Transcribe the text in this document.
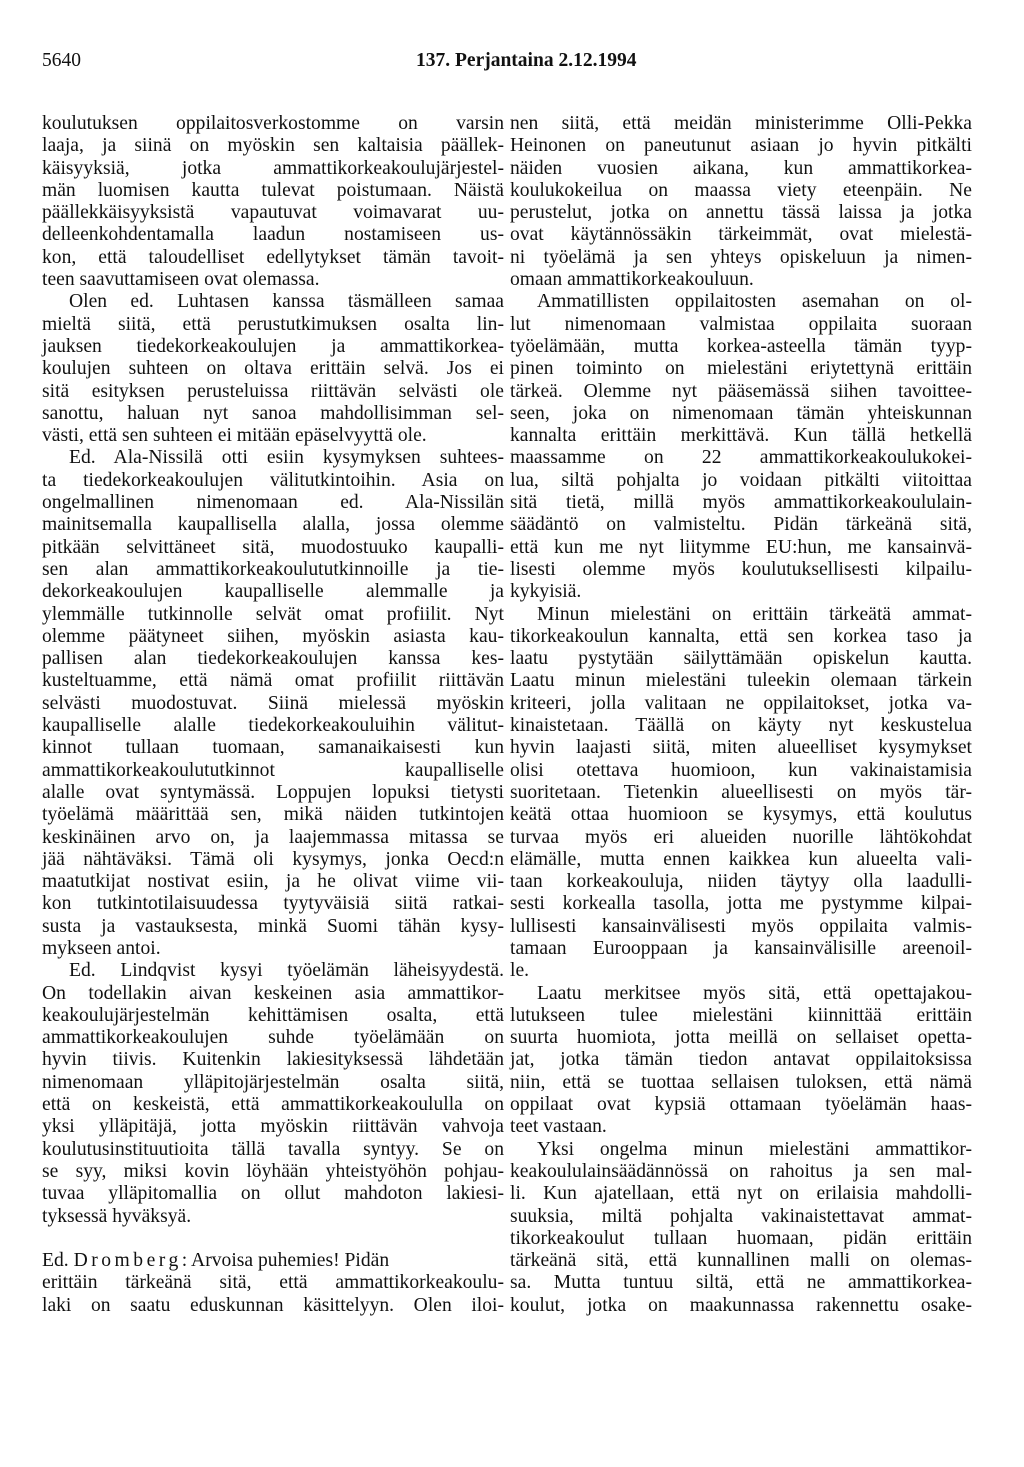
5640	137. Perjantaina 2.12.1994
koulutuksen oppilaitosverkostomme on varsin
laaja, ja siinä on myöskin sen kaltaisia päällek-
käisyyksiä, jotka ammattikorkeakoulujärjestel-
män luomisen kautta tulevat poistumaan. Näistä
päällekkäisyyksistä vapautuvat voimavarat uu-
delleenkohdentamalla laadun nostamiseen us-
kon, että taloudelliset edellytykset tämän tavoit-
teen saavuttamiseen ovat olemassa.
Olen ed. Luhtasen kanssa täsmälleen samaa
mieltä siitä, että perustutkimuksen osalta lin-
jauksen tiedekorkeakoulujen ja ammattikorkea-
koulujen suhteen on oltava erittäin selvä. Jos ei
sitä esityksen perusteluissa riittävän selvästi ole
sanottu, haluan nyt sanoa mahdollisimman sel-
västi, että sen suhteen ei mitään epäselvyyttä ole.
Ed. Ala-Nissilä otti esiin kysymyksen suhtees-
ta tiedekorkeakoulujen välitutkintoihin. Asia on
ongelmallinen nimenomaan ed. Ala-Nissilän
mainitsemalla kaupallisella alalla, jossa olemme
pitkään selvittäneet sitä, muodostuuko kaupalli-
sen alan ammattikorkeakoulututkinnoille ja tie-
dekorkeakoulujen kaupalliselle alemmalle ja
ylemmälle tutkinnolle selvät omat profiilit. Nyt
olemme päätyneet siihen, myöskin asiasta kau-
pallisen alan tiedekorkeakoulujen kanssa kes-
kusteltuamme, että nämä omat profiilit riittävän
selvästi muodostuvat. Siinä mielessä myöskin
kaupalliselle alalle tiedekorkeakouluihin välitut-
kinnot tullaan tuomaan, samanaikaisesti kun
ammattikorkeakoulututkinnot kaupalliselle
alalle ovat syntymässä. Loppujen lopuksi tietysti
työelämä määrittää sen, mikä näiden tutkintojen
keskinäinen arvo on, ja laajemmassa mitassa se
jää nähtäväksi. Tämä oli kysymys, jonka Oecd:n
maatutkijat nostivat esiin, ja he olivat viime vii-
kon tutkintotilaisuudessa tyytyväisiä siitä ratkai-
susta ja vastauksesta, minkä Suomi tähän kysy-
mykseen antoi.
Ed. Lindqvist kysyi työelämän läheisyydestä.
On todellakin aivan keskeinen asia ammattikor-
keakoulujärjestelmän kehittämisen osalta, että
ammattikorkeakoulujen suhde työelämään on
hyvin tiivis. Kuitenkin lakiesityksessä lähdetään
nimenomaan ylläpitojärjestelmän osalta siitä,
että on keskeistä, että ammattikorkeakoululla on
yksi ylläpitäjä, jotta myöskin riittävän vahvoja
koulutusinstituutioita tällä tavalla syntyy. Se on
se syy, miksi kovin löyhään yhteistyöhön pohjau-
tuvaa ylläpitomallia on ollut mahdoton lakiesi-
tyksessä hyväksyä.
Ed. Dromberg: Arvoisa puhemies! Pidän
erittäin tärkeänä sitä, että ammattikorkeakoulu-
laki on saatu eduskunnan käsittelyyn. Olen iloi-
nen siitä, että meidän ministerimme Olli-Pekka
Heinonen on paneutunut asiaan jo hyvin pitkälti
näiden vuosien aikana, kun ammattikorkea-
koulukokeilua on maassa viety eteenpäin. Ne
perustelut, jotka on annettu tässä laissa ja jotka
ovat käytännössäkin tärkeimmät, ovat mielestä-
ni työelämä ja sen yhteys opiskeluun ja nimen-
omaan ammattikorkeakouluun.
Ammatillisten oppilaitosten asemahan on ol-
lut nimenomaan valmistaa oppilaita suoraan
työelämään, mutta korkea-asteella tämän tyyp-
pinen toiminto on mielestäni eriytettynä erittäin
tärkeä. Olemme nyt pääsemässä siihen tavoittee-
seen, joka on nimenomaan tämän yhteiskunnan
kannalta erittäin merkittävä. Kun tällä hetkellä
maassamme on 22 ammattikorkeakoulukokei-
lua, siltä pohjalta jo voidaan pitkälti viitoittaa
sitä tietä, millä myös ammattikorkeakoululain-
säädäntö on valmisteltu. Pidän tärkeänä sitä,
että kun me nyt liitymme EU:hun, me kansainvä-
lisesti olemme myös koulutuksellisesti kilpailu-
kykyisiä.
Minun mielestäni on erittäin tärkeätä ammat-
tikorkeakoulun kannalta, että sen korkea taso ja
laatu pystytään säilyttämään opiskelun kautta.
Laatu minun mielestäni tuleekin olemaan tärkein
kriteeri, jolla valitaan ne oppilaitokset, jotka va-
kinaistetaan. Täällä on käyty nyt keskustelua
hyvin laajasti siitä, miten alueelliset kysymykset
olisi otettava huomioon, kun vakinaistamisia
suoritetaan. Tietenkin alueellisesti on myös tär-
keätä ottaa huomioon se kysymys, että koulutus
turvaa myös eri alueiden nuorille lähtökohdat
elämälle, mutta ennen kaikkea kun alueelta vali-
taan korkeakouluja, niiden täytyy olla laadulli-
sesti korkealla tasolla, jotta me pystymme kilpai-
lullisesti kansainvälisesti myös oppilaita valmis-
tamaan Eurooppaan ja kansainvälisille areenoil-
le.
Laatu merkitsee myös sitä, että opettajakou-
lutukseen tulee mielestäni kiinnittää erittäin
suurta huomiota, jotta meillä on sellaiset opetta-
jat, jotka tämän tiedon antavat oppilaitoksissa
niin, että se tuottaa sellaisen tuloksen, että nämä
oppilaat ovat kypsiä ottamaan työelämän haas-
teet vastaan.
Yksi ongelma minun mielestäni ammattikor-
keakoululainsäädännössä on rahoitus ja sen mal-
li. Kun ajatellaan, että nyt on erilaisia mahdolli-
suuksia, miltä pohjalta vakinaistettavat ammat-
tikorkeakoulut tullaan huomaan, pidän erittäin
tärkeänä sitä, että kunnallinen malli on olemas-
sa. Mutta tuntuu siltä, että ne ammattikorkea-
koulut, jotka on maakunnassa rakennettu osake-
